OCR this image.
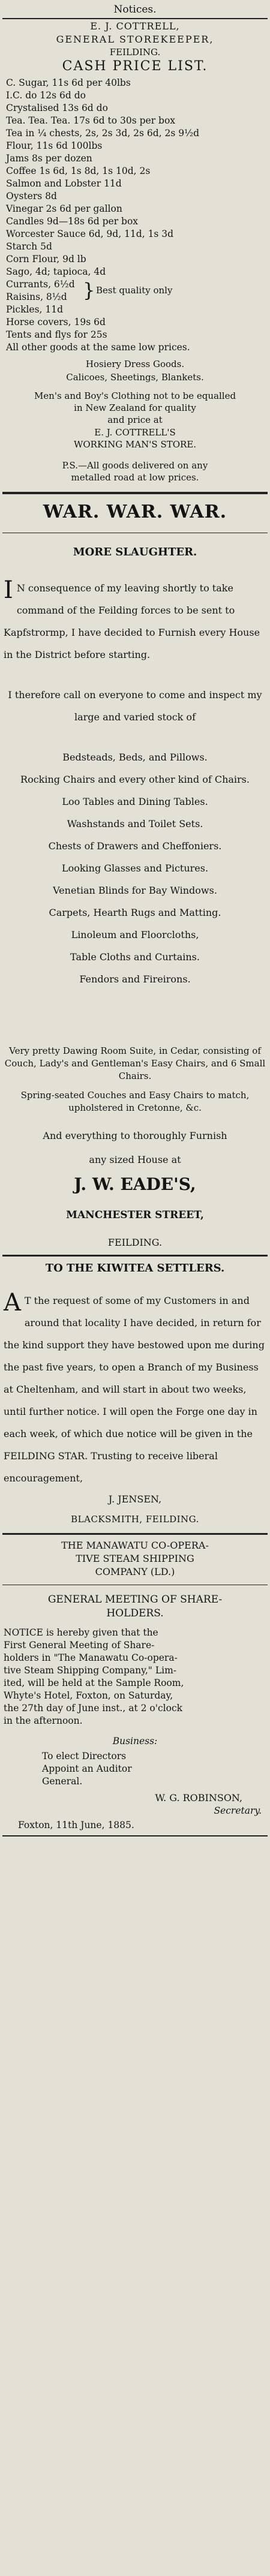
Notices.
E. J. COTTRELL,
GENERAL STOREKEEPER,
FEILDING.
CASH PRICE LIST.
C. Sugar, 11s 6d per 40lbs
I.C. do 12s 6d do
Crystalised 13s 6d do
Tea. Tea. Tea. 17s 6d to 30s per box
Tea in ¼ chests, 2s, 2s 3d, 2s 6d, 2s 9½d
Flour, 11s 6d 100lbs
Jams 8s per dozen
Coffee 1s 6d, 1s 8d, 1s 10d, 2s
Salmon and Lobster 11d
Oysters 8d
Vinegar 2s 6d per gallon
Candles 9d—18s 6d per box
Worcester Sauce 6d, 9d, 11d, 1s 3d
Starch 5d
Corn Flour, 9d lb
Sago, 4d; tapioca, 4d
Currants, 6½d
Raisins, 8½d } Best quality only
Pickles, 11d
Horse covers, 19s 6d
Tents and flys for 25s
All other goods at the same low prices.
Hosiery Dress Goods.
Calicoes, Sheetings, Blankets.
Men's and Boy's Clothing not to be equalled
in New Zealand for quality
and price at
E. J. COTTRELL'S
WORKING MAN'S STORE.
P.S.—All goods delivered on any
metalled road at low prices.
WAR. WAR. WAR.
MORE SLAUGHTER.
I N consequence of my leaving shortly to take command of the Feilding forces to be sent to Kapfstrormp, I have decided to Furnish every House in the District before starting.

I therefore call on everyone to come and inspect my large and varied stock of

Bedsteads, Beds, and Pillows.

Rocking Chairs and every other kind of Chairs.

Loo Tables and Dining Tables.

Washstands and Toilet Sets.

Chests of Drawers and Cheffoniers.

Looking Glasses and Pictures.

Venetian Blinds for Bay Windows.

Carpets, Hearth Rugs and Matting.

Linoleum and Floorcloths,

Table Cloths and Curtains.

Fendors and Fireirons.

Very pretty Dawing Room Suite, in Cedar, consisting of Couch, Lady's and Gentleman's Easy Chairs, and 6 Small Chairs.
Spring-seated Couches and Easy Chairs to match, upholstered in Cretonne, &c.
And everything to thoroughly Furnish
any sized House at
J. W. EADE'S,
MANCHESTER STREET,
FEILDING.
TO THE KIWITEA SETTLERS.
A T the request of some of my Customers in and around that locality I have decided, in return for the kind support they have bestowed upon me during the past five years, to open a Branch of my Business at Cheltenham, and will start in about two weeks, until further notice. I will open the Forge one day in each week, of which due notice will be given in the FEILDING STAR. Trusting to receive liberal encouragement,

J. JENSEN,
BLACKSMITH, FEILDING.
THE MANAWATU CO-OPERA-
TIVE STEAM SHIPPING
COMPANY (LD.)
GENERAL MEETING OF SHARE-
HOLDERS.
NOTICE is hereby given that the
First General Meeting of Share-
holders in "The Manawatu Co-opera-
tive Steam Shipping Company," Lim-
ited, will be held at the Sample Room,
Whyte's Hotel, Foxton, on Saturday,
the 27th day of June inst., at 2 o'clock
in the afternoon.
Business:
To elect Directors
Appoint an Auditor
General.
W. G. ROBINSON,
Secretary.
Foxton, 11th June, 1885.
